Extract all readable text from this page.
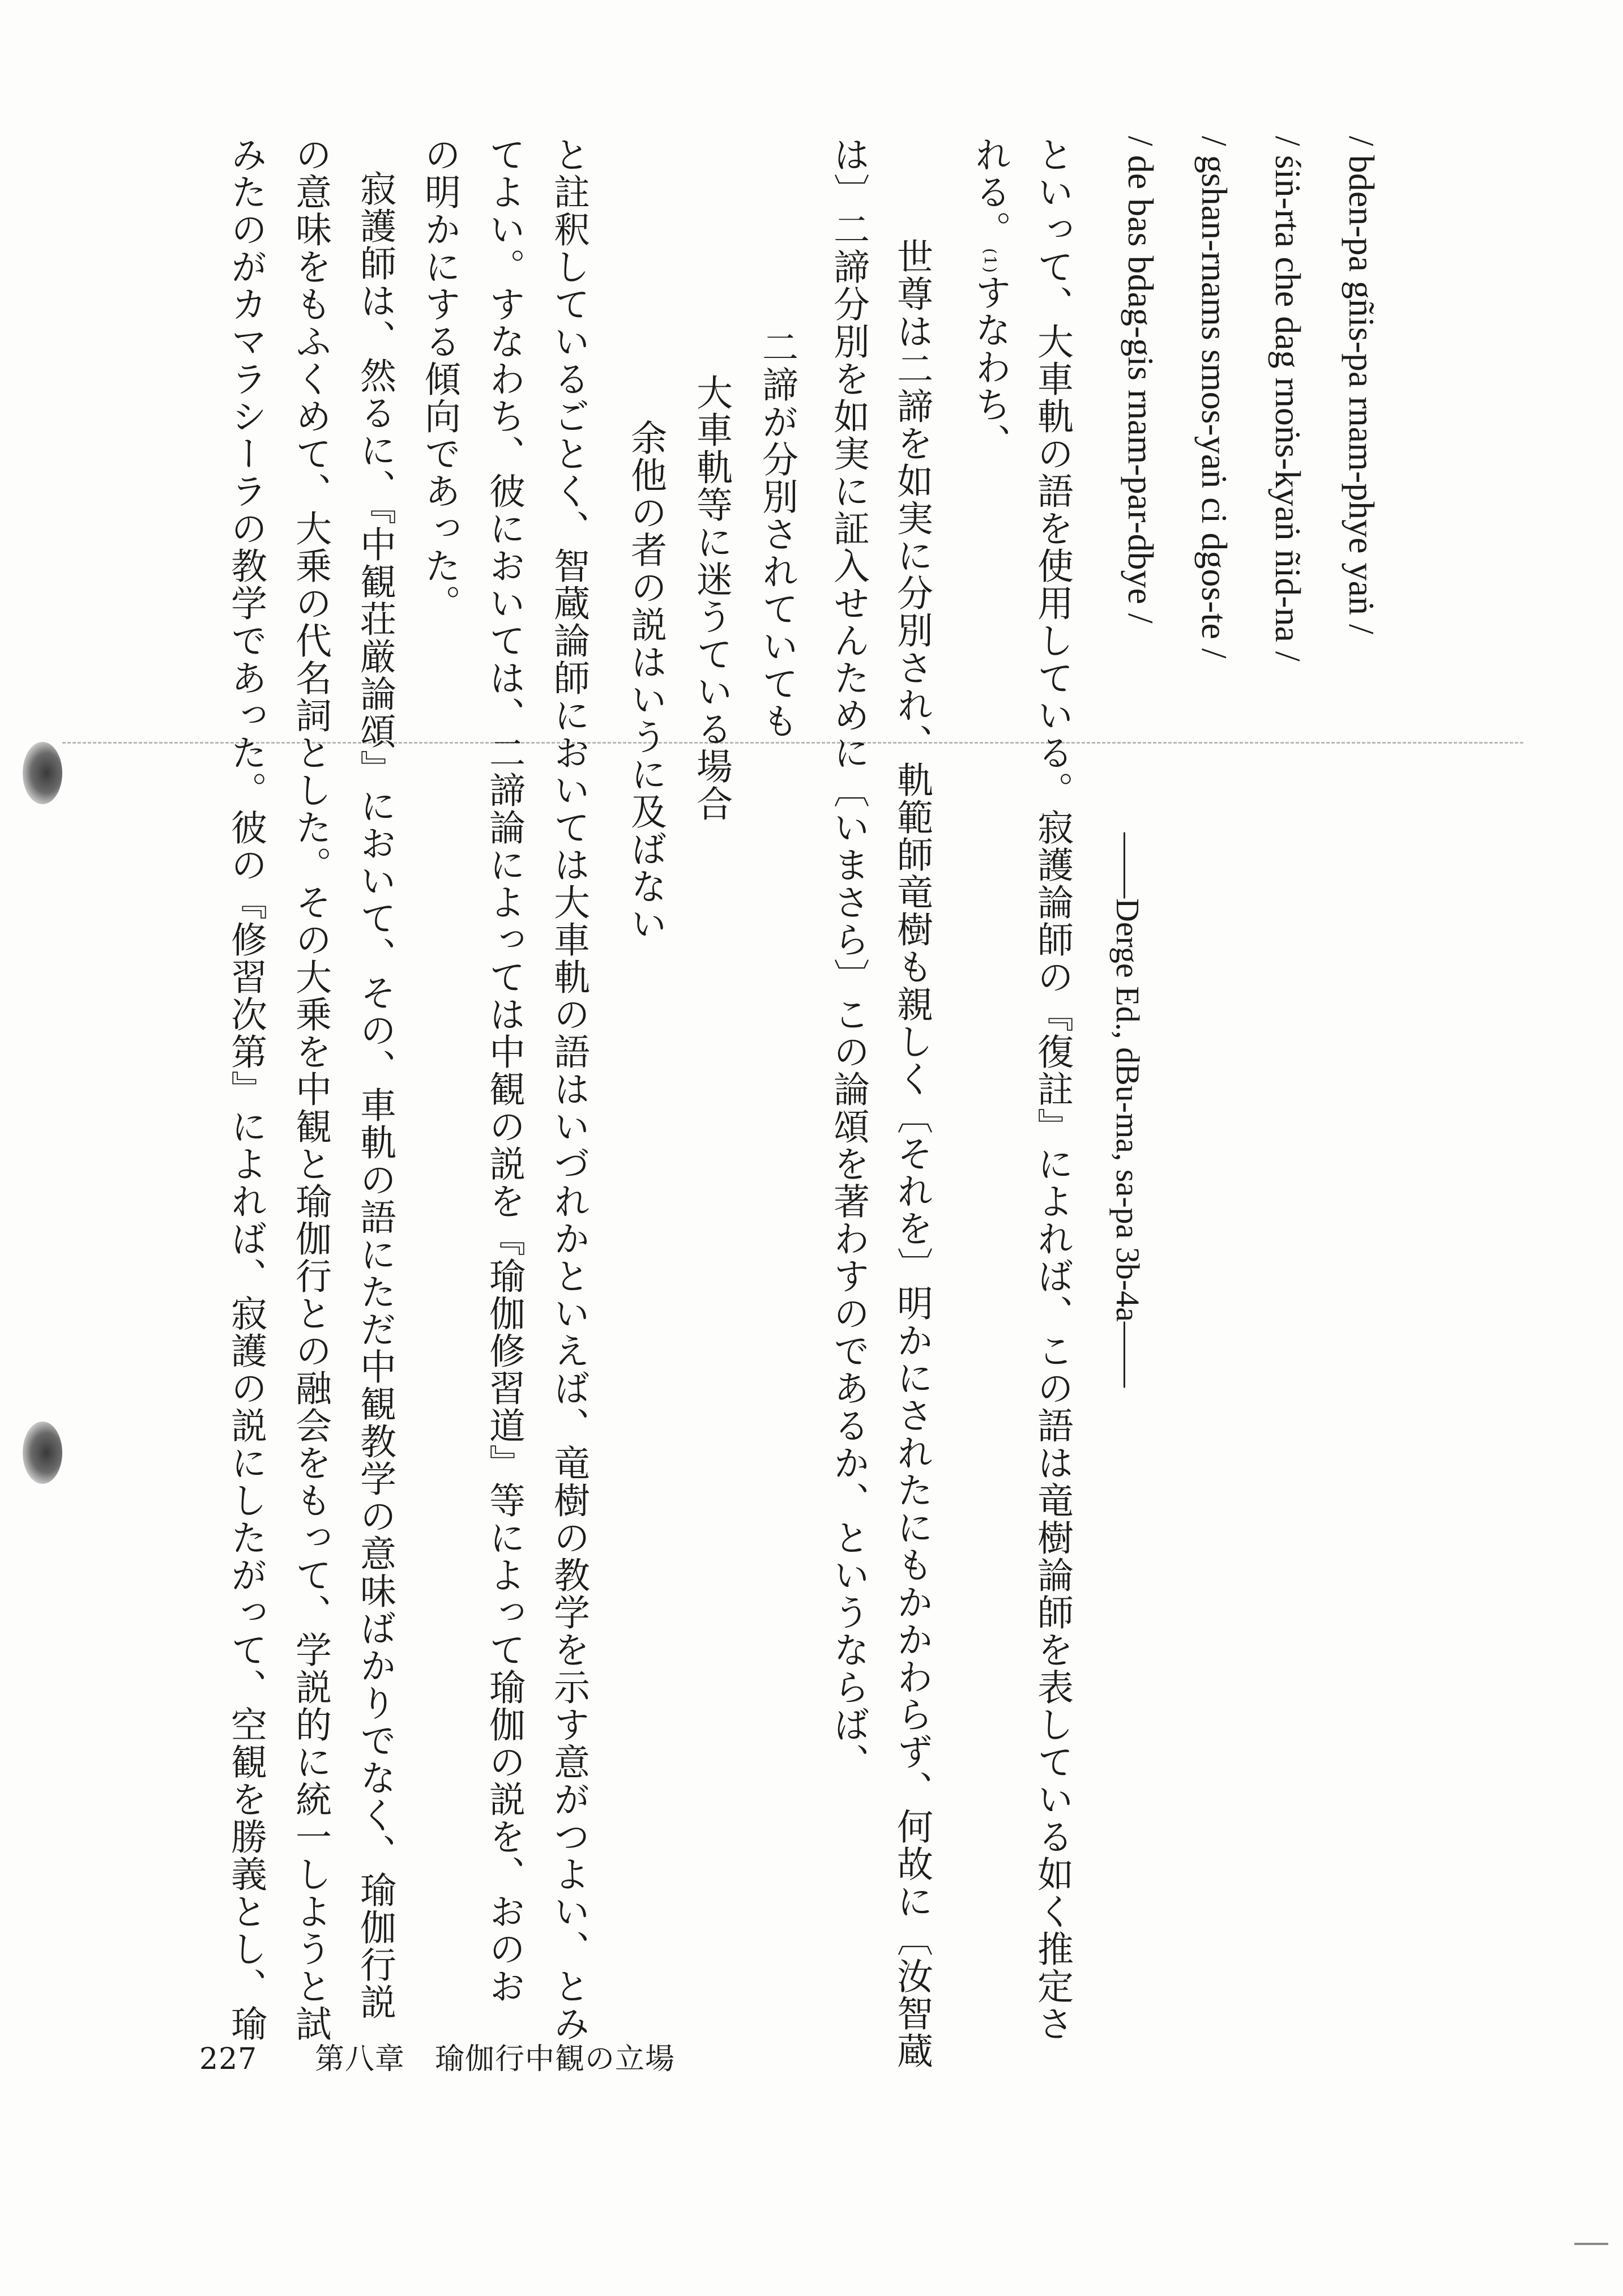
/ bden-pa gñis-pa rnam-phye yaṅ /
/ śiṅ-rta che dag rnoṅs-kyaṅ ñid-na /
/ gshan-rnams smos-yaṅ ci dgos-te /
/ de bas bdag-gis rnam-par-dbye /
——Derge Ed., dBu-ma, sa-pa 3b-4a——
といって、大車軌の語を使用している。寂護論師の『復註』によれば、この語は竜樹論師を表している如く推定さ
れる。(1)すなわち、
世尊は二諦を如実に分別され、軌範師竜樹も親しく〔それを〕明かにされたにもかかわらず、何故に〔汝智蔵
は〕二諦分別を如実に証入せんために〔いまさら〕この論頌を著わすのであるか、というならば、
二諦が分別されていても
大車軌等に迷うている場合
余他の者の説はいうに及ばない
と註釈しているごとく、智蔵論師においては大車軌の語はいづれかといえば、竜樹の教学を示す意がつよい、とみ
てよい。すなわち、彼においては、二諦論によっては中観の説を『瑜伽修習道』等によって瑜伽の説を、おのお
の明かにする傾向であった。
寂護師は、然るに、『中観荘厳論頌』において、その、車軌の語にただ中観教学の意味ばかりでなく、瑜伽行説
の意味をもふくめて、大乗の代名詞とした。その大乗を中観と瑜伽行との融会をもって、学説的に統一しようと試
みたのがカマラシーラの教学であった。彼の『修習次第』によれば、寂護の説にしたがって、空観を勝義とし、瑜
227 第八章　瑜伽行中観の立場
